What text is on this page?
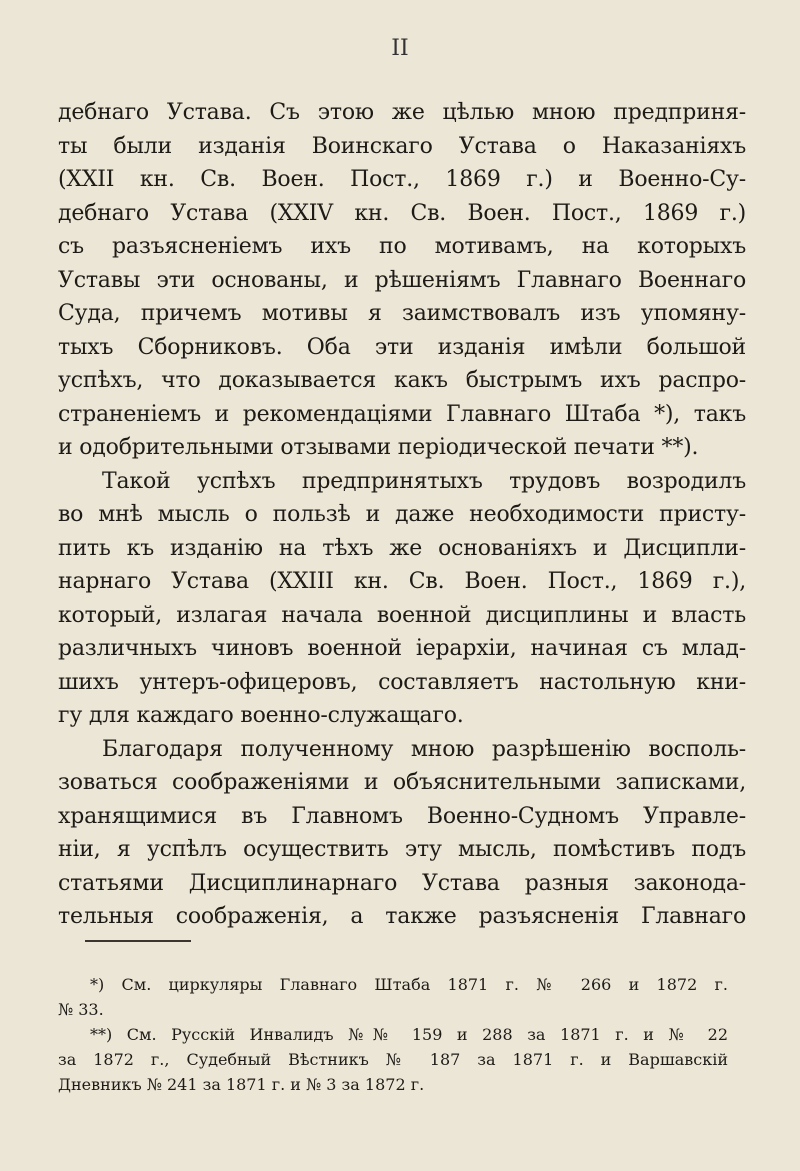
II
дебнаго Устава. Съ этою же цѣлью мною предприня-
ты были изданія Воинскаго Устава о Наказаніяхъ
(XXII кн. Св. Воен. Пост., 1869 г.) и Военно-Су-
дебнаго Устава (XXIV кн. Св. Воен. Пост., 1869 г.)
съ разъясненіемъ ихъ по мотивамъ, на которыхъ
Уставы эти основаны, и рѣшеніямъ Главнаго Военнаго
Суда, причемъ мотивы я заимствовалъ изъ упомяну-
тыхъ Сборниковъ. Оба эти изданія имѣли большой
успѣхъ, что доказывается какъ быстрымъ ихъ распро-
страненіемъ и рекомендаціями Главнаго Штаба *), такъ
и одобрительными отзывами періодической печати **).
Такой успѣхъ предпринятыхъ трудовъ возродилъ
во мнѣ мысль о пользѣ и даже необходимости присту-
пить къ изданію на тѣхъ же основаніяхъ и Дисципли-
нарнаго Устава (XXIII кн. Св. Воен. Пост., 1869 г.),
который, излагая начала военной дисциплины и власть
различныхъ чиновъ военной іерархіи, начиная съ млад-
шихъ унтеръ-офицеровъ, составляетъ настольную кни-
гу для каждаго военно-служащаго.
Благодаря полученному мною разрѣшенію восполь-
зоваться соображеніями и объяснительными записками,
хранящимися въ Главномъ Военно-Судномъ Управле-
ніи, я успѣлъ осуществить эту мысль, помѣстивъ подъ
статьями Дисциплинарнаго Устава разныя законода-
тельныя соображенія, а также разъясненія Главнаго
*) См. циркуляры Главнаго Штаба 1871 г. № 266 и 1872 г.
№ 33.
**) См. Русскій Инвалидъ №№ 159 и 288 за 1871 г. и № 22
за 1872 г., Судебный Вѣстникъ № 187 за 1871 г. и Варшавскій
Дневникъ № 241 за 1871 г. и № 3 за 1872 г.
